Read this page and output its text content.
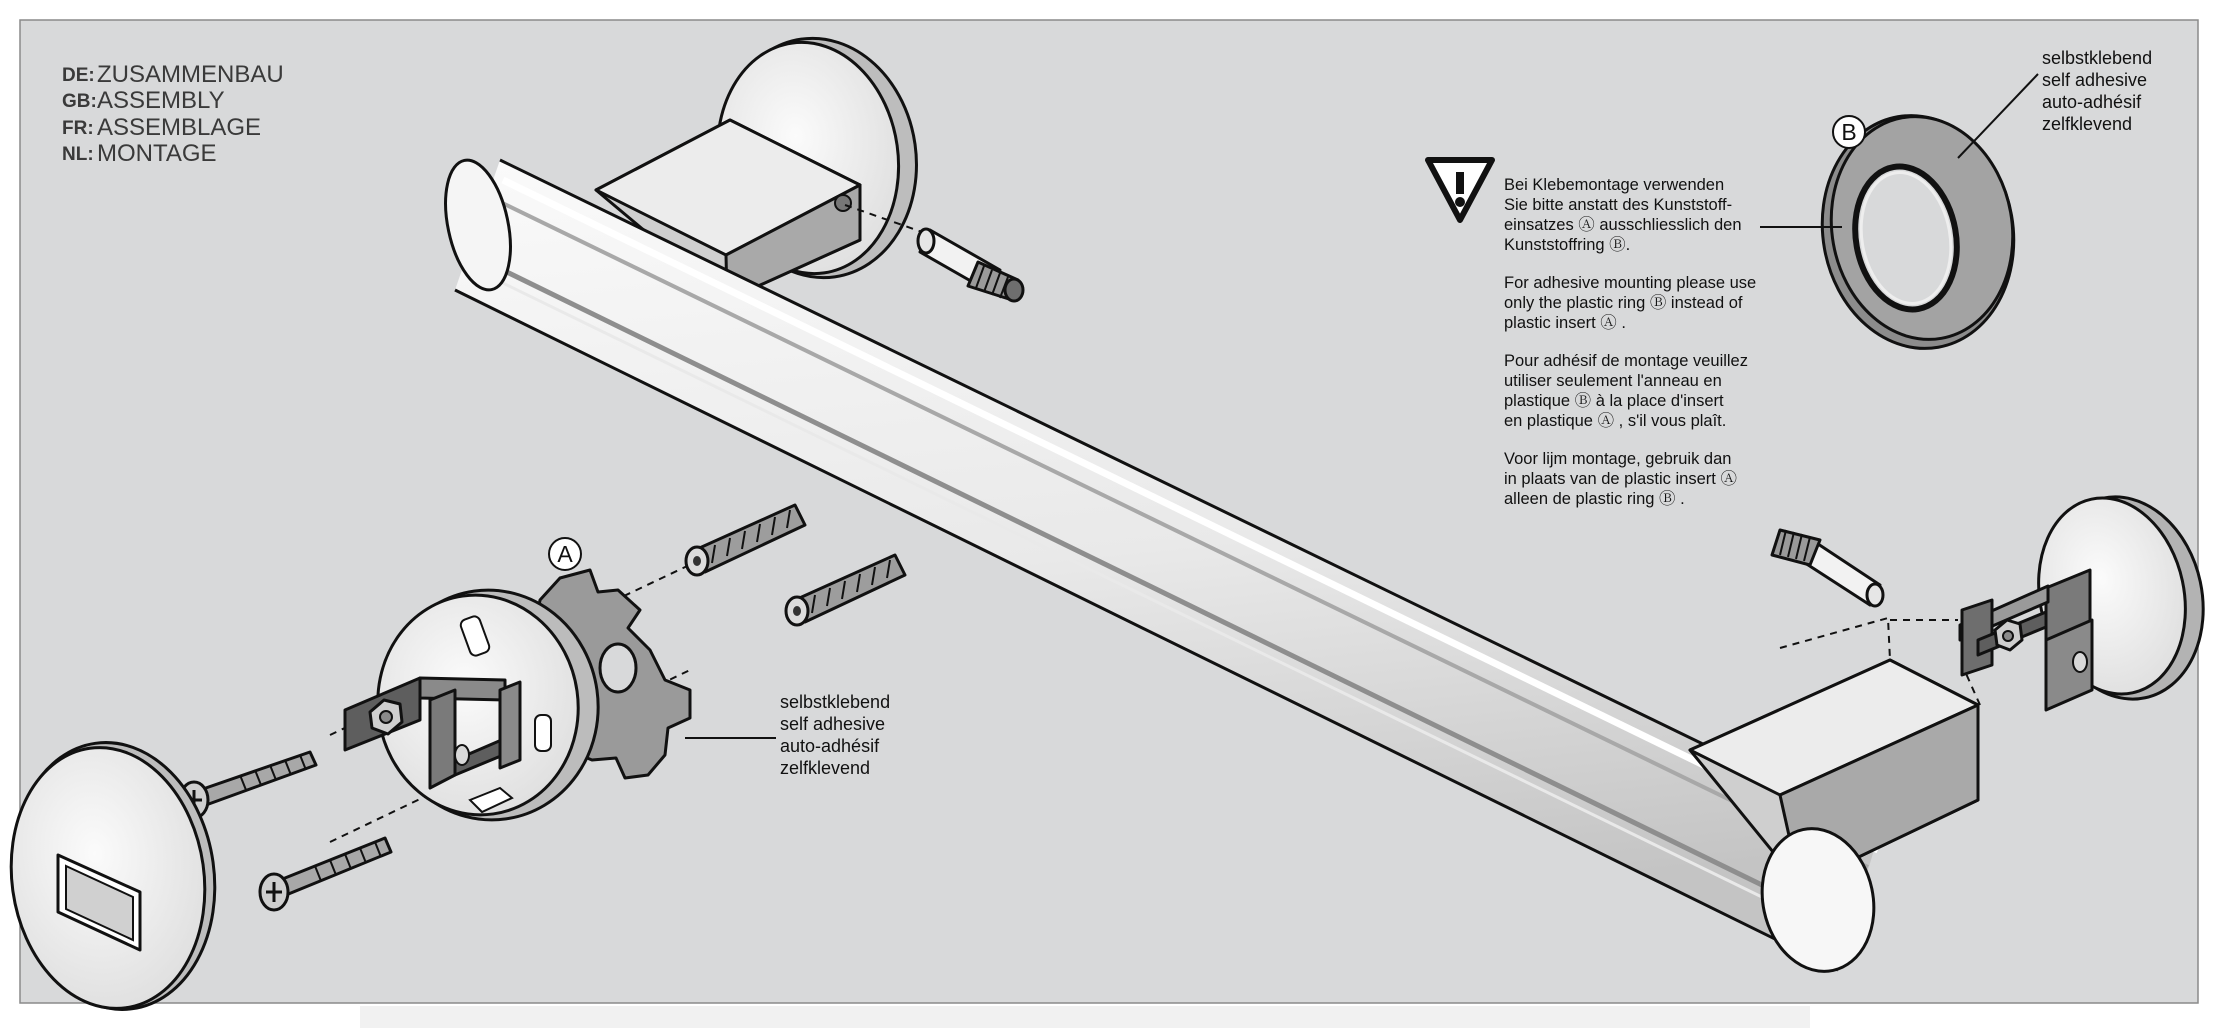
DE: ZUSAMMENBAU
GB: ASSEMBLY
FR: ASSEMBLAGE
NL: MONTAGE
B
selbstklebend
self adhesive
auto-adhésif
zelfklevend
Bei Klebemontage verwenden
Sie bitte anstatt des Kunststoff-
einsatzes Ⓐ ausschliesslich den
Kunststoffring Ⓑ.
For adhesive mounting please use
only the plastic ring Ⓑ instead of
plastic insert Ⓐ .
Pour adhésif de montage veuillez
utiliser seulement l'anneau en
plastique Ⓑ à la place d'insert
en plastique Ⓐ , s'il vous plaît.
Voor lijm montage, gebruik dan
in plaats van de plastic insert Ⓐ
alleen de plastic ring Ⓑ .
A
selbstklebend
self adhesive
auto-adhésif
zelfklevend
